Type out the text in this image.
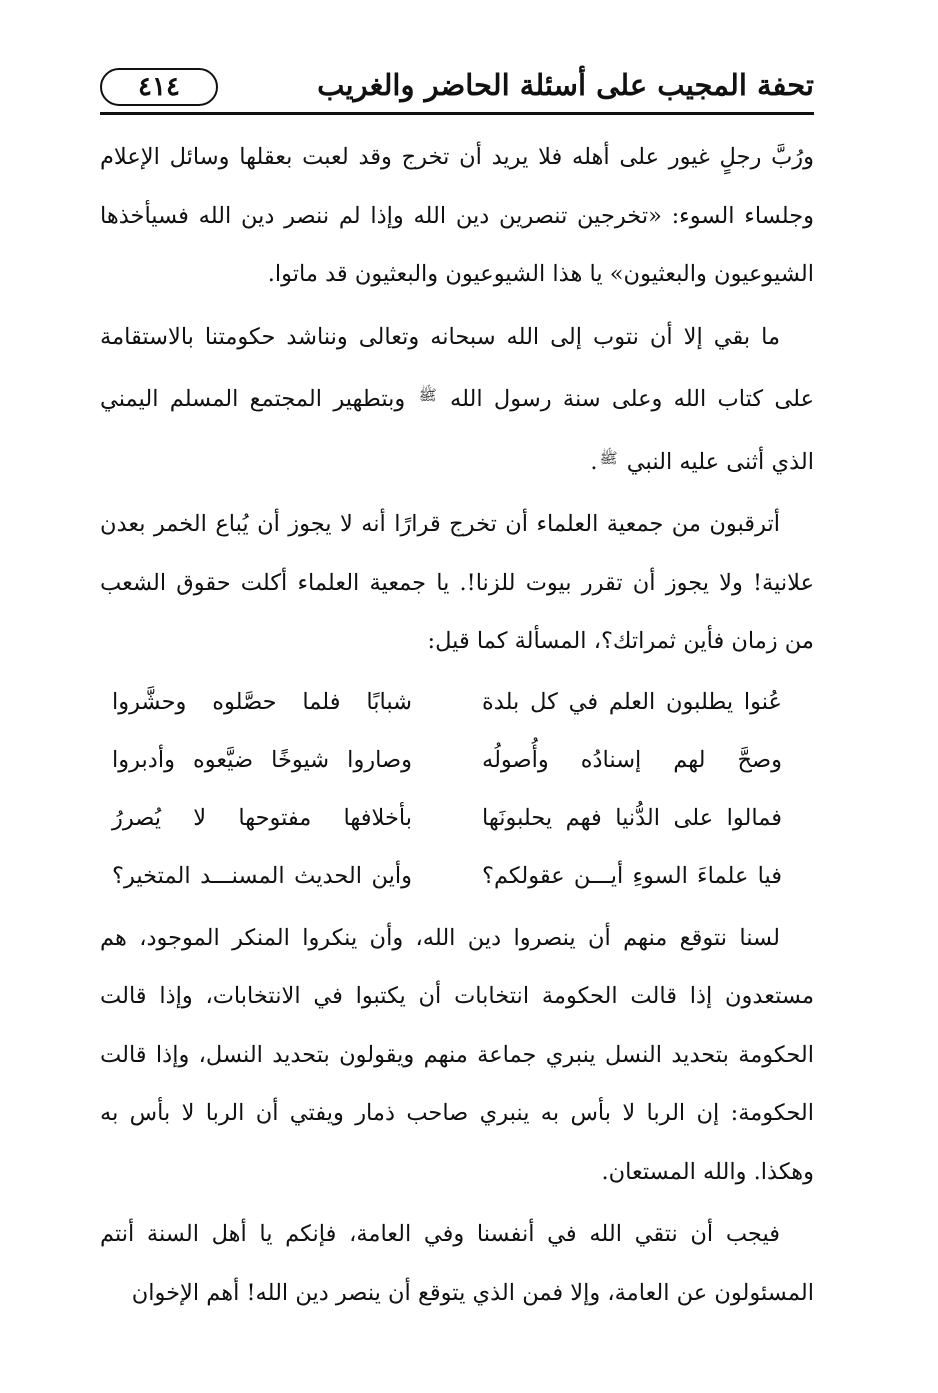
تحفة المجيب على أسئلة الحاضر والغريب
٤١٤

ورُبَّ رجلٍ غيور على أهله فلا يريد أن تخرج وقد لعبت بعقلها وسائل الإعلام وجلساء السوء: «تخرجين تنصرين دين الله وإذا لم ننصر دين الله فسيأخذها الشيوعيون والبعثيون» يا هذا الشيوعيون والبعثيون قد ماتوا.

ما بقي إلا أن نتوب إلى الله سبحانه وتعالى ونناشد حكومتنا بالاستقامة على كتاب الله وعلى سنة رسول الله $^ﷺ$ وبتطهير المجتمع المسلم اليمني الذي أثنى عليه النبي $^ﷺ$.

أترقبون من جمعية العلماء أن تخرج قرارًا أنه لا يجوز أن يُباع الخمر بعدن علانية! ولا يجوز أن تقرر بيوت للزنا!. يا جمعية العلماء أكلت حقوق الشعب من زمان فأين ثمراتك؟، المسألة كما قيل:

عُنوا يطلبون العلم في كل بلدة
شبابًا فلما حصَّلوه وحشَّروا
وصحَّ لهم إسنادُه وأُصولُه
وصاروا شيوخًا ضيَّعوه وأدبروا
فمالوا على الدُّنيا فهم يحلبونَها
بأخلافها مفتوحها لا يُصررُ
فيا علماءَ السوءِ أيـــن عقولكم؟
وأين الحديث المسنـــد المتخير؟

لسنا نتوقع منهم أن ينصروا دين الله، وأن ينكروا المنكر الموجود، هم مستعدون إذا قالت الحكومة انتخابات أن يكتبوا في الانتخابات، وإذا قالت الحكومة بتحديد النسل ينبري جماعة منهم ويقولون بتحديد النسل، وإذا قالت الحكومة: إن الربا لا بأس به ينبري صاحب ذمار ويفتي أن الربا لا بأس به وهكذا. والله المستعان.

فيجب أن نتقي الله في أنفسنا وفي العامة، فإنكم يا أهل السنة أنتم المسئولون عن العامة، وإلا فمن الذي يتوقع أن ينصر دين الله! أهم الإخوان
